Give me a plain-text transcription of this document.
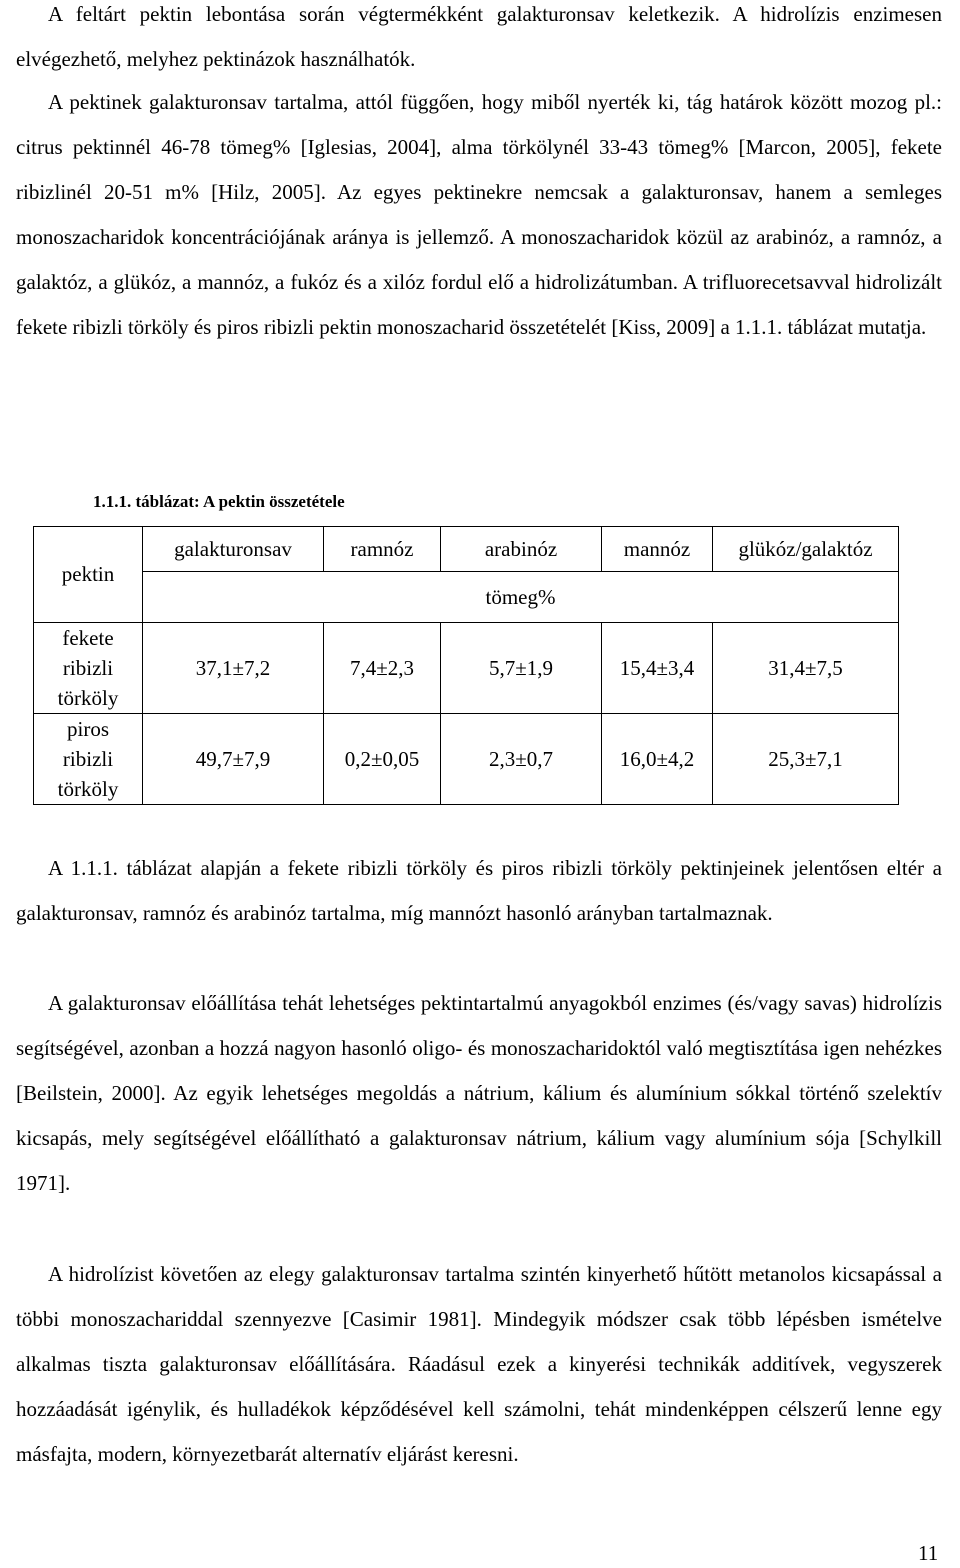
A feltárt pektin lebontása során végtermékként galakturonsav keletkezik. A hidrolízis enzimesen elvégezhető, melyhez pektinázok használhatók.

A pektinek galakturonsav tartalma, attól függően, hogy miből nyerték ki, tág határok között mozog pl.: citrus pektinnél 46-78 tömeg% [Iglesias, 2004], alma törkölynél 33-43 tömeg% [Marcon, 2005], fekete ribizlinél 20-51 m% [Hilz, 2005]. Az egyes pektinekre nemcsak a galakturonsav, hanem a semleges monoszacharidok koncentrációjának aránya is jellemző. A monoszacharidok közül az arabinóz, a ramnóz, a galaktóz, a glükóz, a mannóz, a fukóz és a xilóz fordul elő a hidrolizátumban. A trifluorecetsavval hidrolizált fekete ribizli törköly és piros ribizli pektin monoszacharid összetételét [Kiss, 2009] a 1.1.1. táblázat mutatja.

1.1.1. táblázat: A pektin összetétele
pektin	galakturonsav	ramnóz	arabinóz	mannóz	glükóz/galaktóz
	tömeg%				

fekete
ribizli
törköly	37,1±7,2	7,4±2,3	5,7±1,9	15,4±3,4	31,4±7,5

piros
ribizli
törköly	49,7±7,9	0,2±0,05	2,3±0,7	16,0±4,2	25,3±7,1

A 1.1.1. táblázat alapján a fekete ribizli törköly és piros ribizli törköly pektinjeinek jelentősen eltér a galakturonsav, ramnóz és arabinóz tartalma, míg mannózt hasonló arányban tartalmaznak.

A galakturonsav előállítása tehát lehetséges pektintartalmú anyagokból enzimes (és/vagy savas) hidrolízis segítségével, azonban a hozzá nagyon hasonló oligo- és monoszacharidoktól való megtisztítása igen nehézkes [Beilstein, 2000]. Az egyik lehetséges megoldás a nátrium, kálium és alumínium sókkal történő szelektív kicsapás, mely segítségével előállítható a galakturonsav nátrium, kálium vagy alumínium sója [Schylkill 1971].

A hidrolízist követően az elegy galakturonsav tartalma szintén kinyerhető hűtött metanolos kicsapással a többi monoszachariddal szennyezve [Casimir 1981]. Mindegyik módszer csak több lépésben ismételve alkalmas tiszta galakturonsav előállítására. Ráadásul ezek a kinyerési technikák additívek, vegyszerek hozzáadását igénylik, és hulladékok képződésével kell számolni, tehát mindenképpen célszerű lenne egy másfajta, modern, környezetbarát alternatív eljárást keresni.

11
